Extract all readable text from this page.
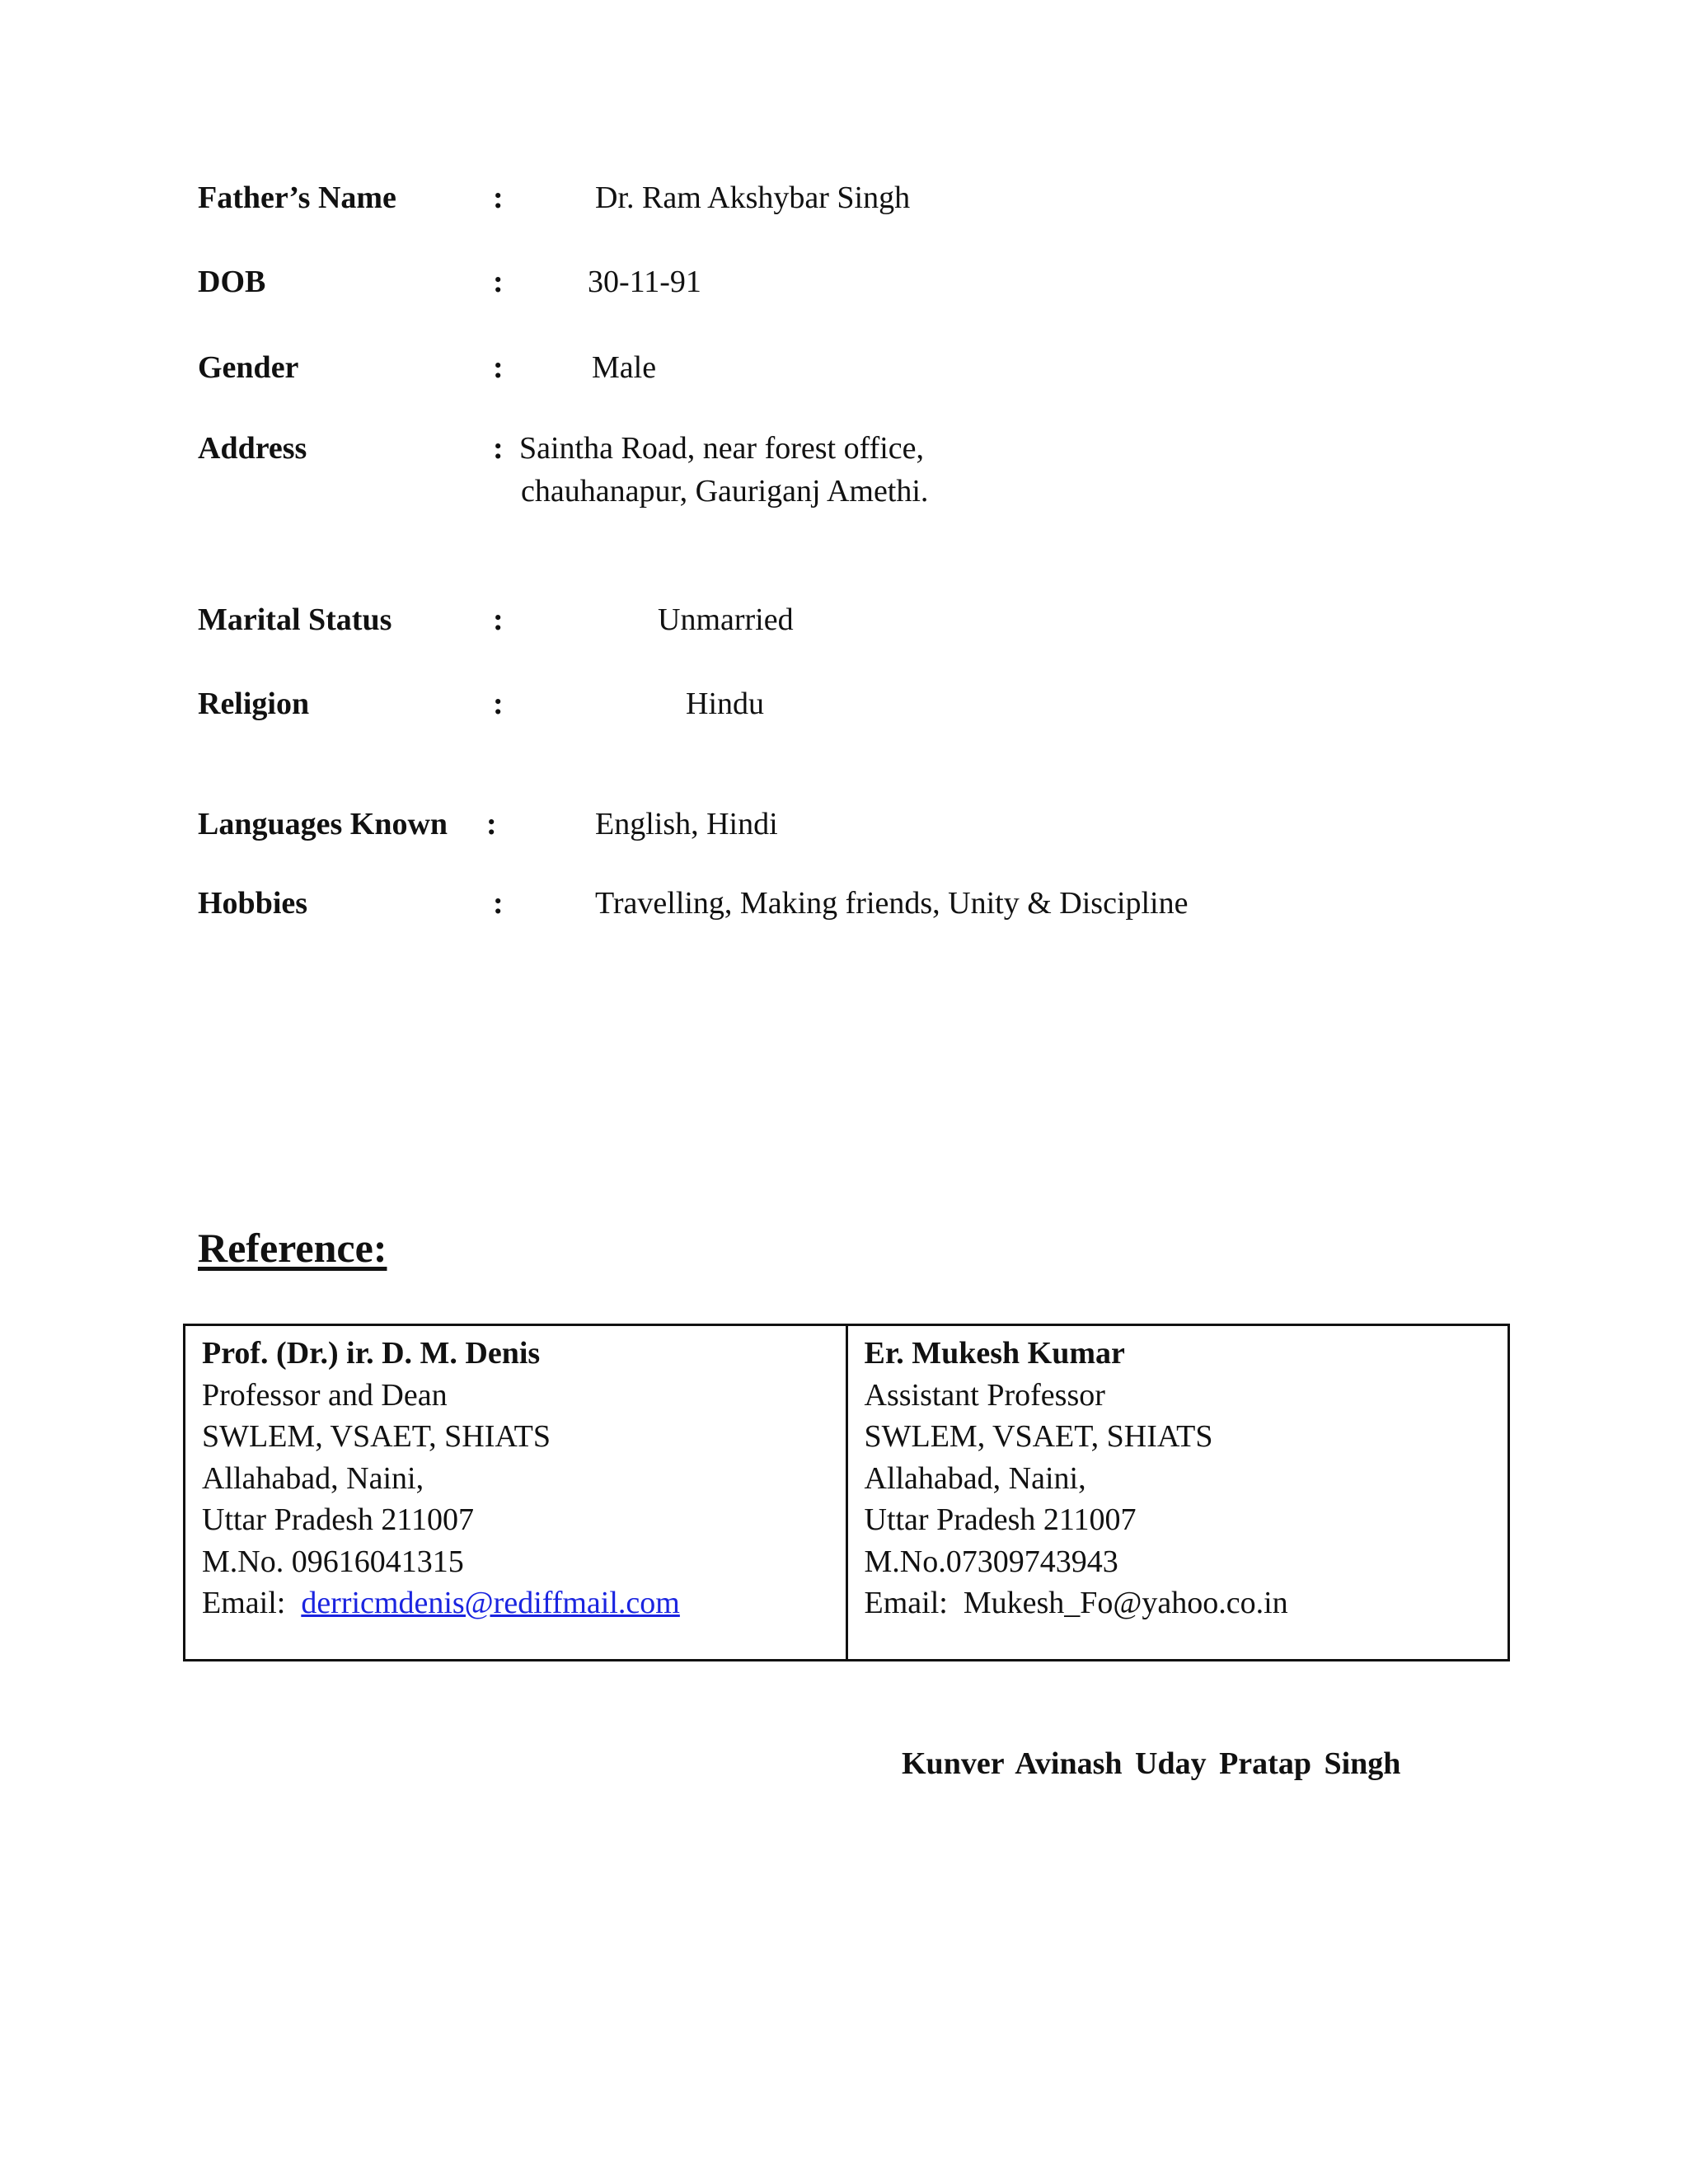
Father’s Name	:	Dr. Ram Akshybar Singh
DOB	:	30-11-91
Gender	:	Male
Address	: Saintha Road, near forest office,
chauhanapur, Gauriganj Amethi.
Marital Status	:	Unmarried
Religion	:	Hindu
Languages Known :	English, Hindi
Hobbies	:	Travelling, Making friends, Unity & Discipline
Reference:
Prof. (Dr.) ir. D. M. Denis
Professor and Dean
SWLEM, VSAET, SHIATS
Allahabad, Naini,
Uttar Pradesh 211007
M.No. 09616041315
Email: derricmdenis@rediffmail.com
Er. Mukesh Kumar
Assistant Professor
SWLEM, VSAET, SHIATS
Allahabad, Naini,
Uttar Pradesh 211007
M.No.07309743943
Email: Mukesh_Fo@yahoo.co.in
Kunver Avinash Uday Pratap Singh
